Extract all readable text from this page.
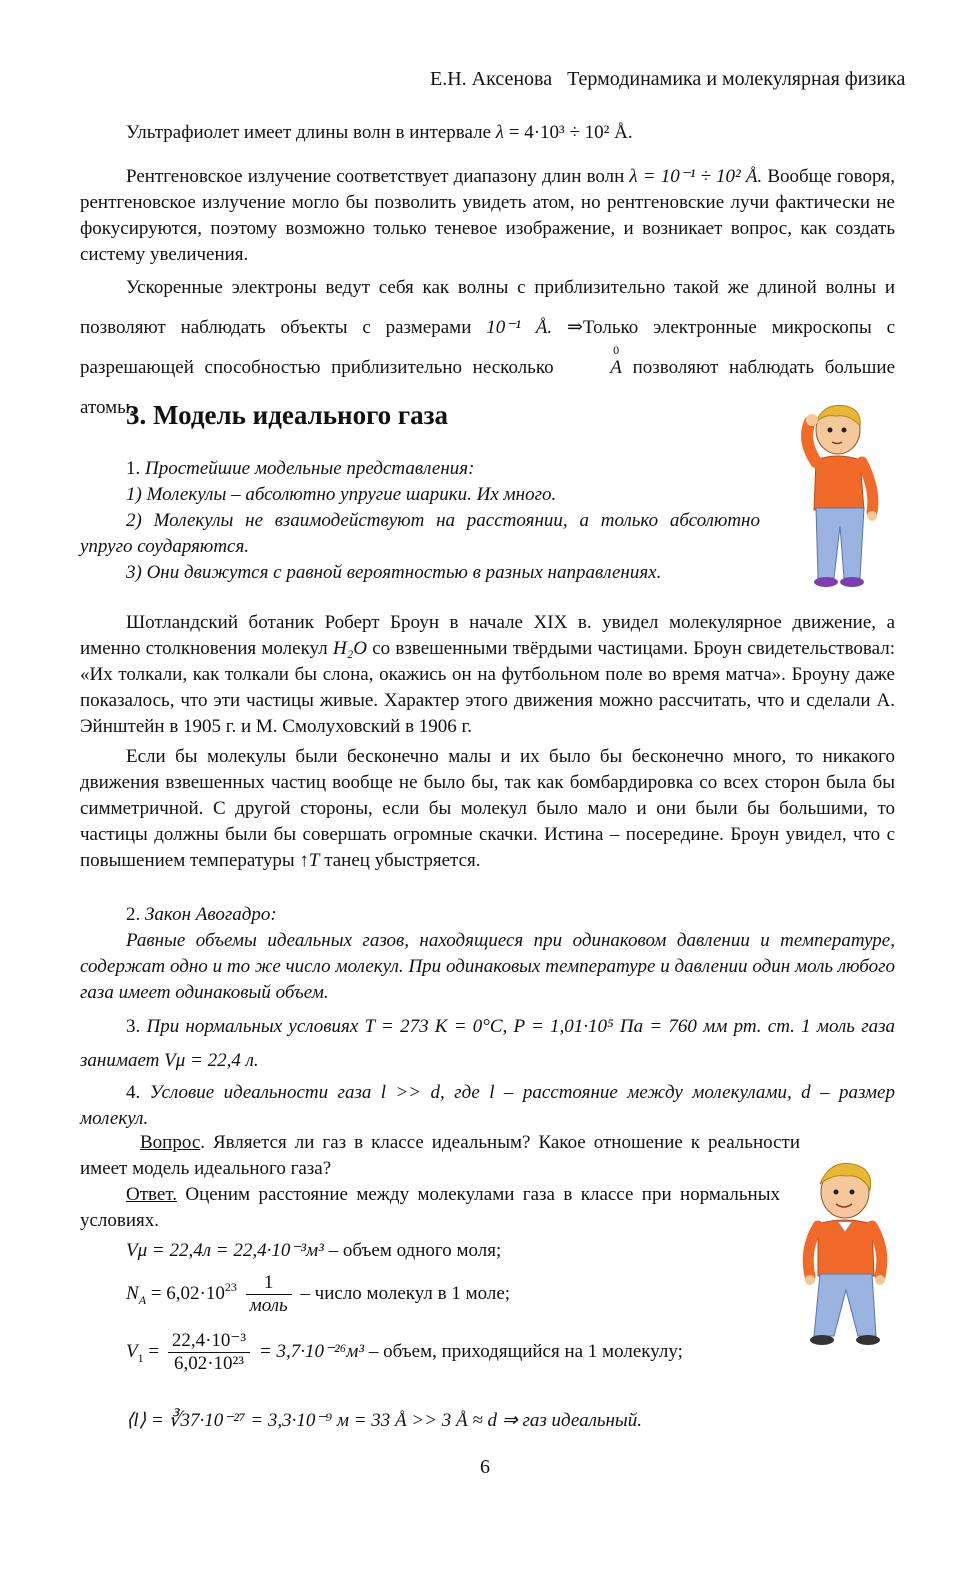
Е.Н. Аксенова Термодинамика и молекулярная физика
Ультрафиолет имеет длины волн в интервале λ = 4·10³ ÷ 10² Å.
Рентгеновское излучение соответствует диапазону длин волн λ = 10⁻¹ ÷ 10² Å. Вообще говоря, рентгеновское излучение могло бы позволить увидеть атом, но рентгеновские лучи фактически не фокусируются, поэтому возможно только теневое изображение, и возникает вопрос, как создать систему увеличения.
Ускоренные электроны ведут себя как волны с приблизительно такой же длиной волны и позволяют наблюдать объекты с размерами 10⁻¹ Å. ⇒Только электронные микроскопы с разрешающей способностью приблизительно несколько	A
0
позволяют наблюдать большие атомы.
3. Модель идеального газа
1. Простейшие модельные представления:
1) Молекулы – абсолютно упругие шарики. Их много.
2) Молекулы не взаимодействуют на расстоянии, а только абсолютно упруго соударяются.
3) Они движутся с равной вероятностью в разных направлениях.
Шотландский ботаник Роберт Броун в начале XIX в. увидел молекулярное движение, а именно столкновения молекул H₂O со взвешенными твёрдыми частицами. Броун свидетельствовал: «Их толкали, как толкали бы слона, окажись он на футбольном поле во время матча». Броуну даже показалось, что эти частицы живые. Характер этого движения можно рассчитать, что и сделали А. Эйнштейн в 1905 г. и М. Смолуховский в 1906 г.
Если бы молекулы были бесконечно малы и их было бы бесконечно много, то никакого движения взвешенных частиц вообще не было бы, так как бомбардировка со всех сторон была бы симметричной. С другой стороны, если бы молекул было мало и они были бы большими, то частицы должны были бы совершать огромные скачки. Истина – посередине. Броун увидел, что с повышением температуры ↑T танец убыстряется.
2. Закон Авогадро:
Равные объемы идеальных газов, находящиеся при одинаковом давлении и температуре, содержат одно и то же число молекул. При одинаковых температуре и давлении один моль любого газа имеет одинаковый объем.
3. При нормальных условиях T = 273 K = 0°C, P = 1,01·10⁵ Па = 760 мм рт. ст. 1 моль газа занимает Vμ = 22,4 л.
4. Условие идеальности газа l >> d, где l – расстояние между молекулами, d – размер молекул.
Вопрос. Является ли газ в классе идеальным? Какое отношение к реальности имеет модель идеального газа?
Ответ. Оценим расстояние между молекулами газа в классе при нормальных условиях.
Vμ = 22,4л = 22,4·10⁻³м³ – объем одного моля;
$N_A = 6,02\cdot 10^{23} \frac{1}{\text{моль}}$ – число молекул в 1 моле;
$V_1 = \frac{\text{22,4·10⁻³}}{\text{6,02·10²³}} = 3,7\cdot 10^{-26}м^3$ – объем, приходящийся на 1 молекулу;
⟨l⟩ = ∛37·10⁻²⁷ = 3,3·10⁻⁹ м = 33 Å >> 3 Å ≈ d ⇒ газ идеальный.
6
